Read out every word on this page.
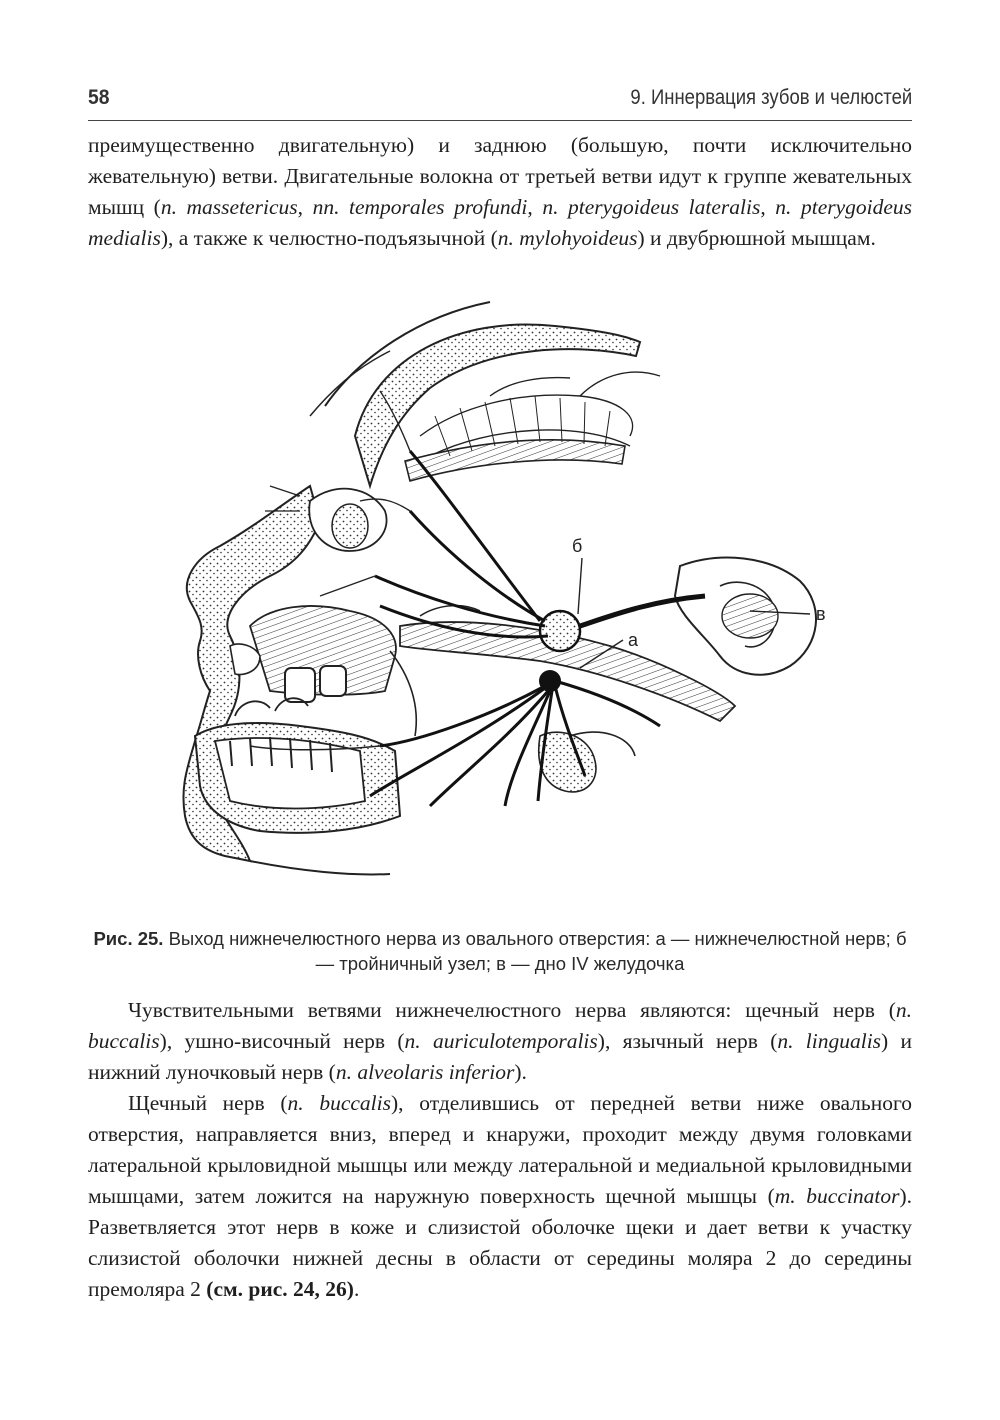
58	9. Иннервация зубов и челюстей

преимущественно двигательную) и заднюю (большую, почти исключительно жевательную) ветви. Двигательные волокна от третьей ветви идут к группе жевательных мышц (n. massetericus, nn. temporales profundi, n. pterygoideus lateralis, n. pterygoideus medialis), а также к челюстно-подъязычной (n. mylohyoideus) и двубрюшной мышцам.

б
а
в
Рис. 25. Выход нижнечелюстного нерва из овального отверстия: а — нижнечелюстной нерв; б — тройничный узел; в — дно IV желудочка

Чувствительными ветвями нижнечелюстного нерва являются: щечный нерв (n. buccalis), ушно-височный нерв (n. auriculotemporalis), язычный нерв (n. lingualis) и нижний луночковый нерв (n. alveolaris inferior).

Щечный нерв (n. buccalis), отделившись от передней ветви ниже овального отверстия, направляется вниз, вперед и кнаружи, проходит между двумя головками латеральной крыловидной мышцы или между латеральной и медиальной крыловидными мышцами, затем ложится на наружную поверхность щечной мышцы (m. buccinator). Разветвляется этот нерв в коже и слизистой оболочке щеки и дает ветви к участку слизистой оболочки нижней десны в области от середины моляра 2 до середины премоляра 2 (см. рис. 24, 26).
